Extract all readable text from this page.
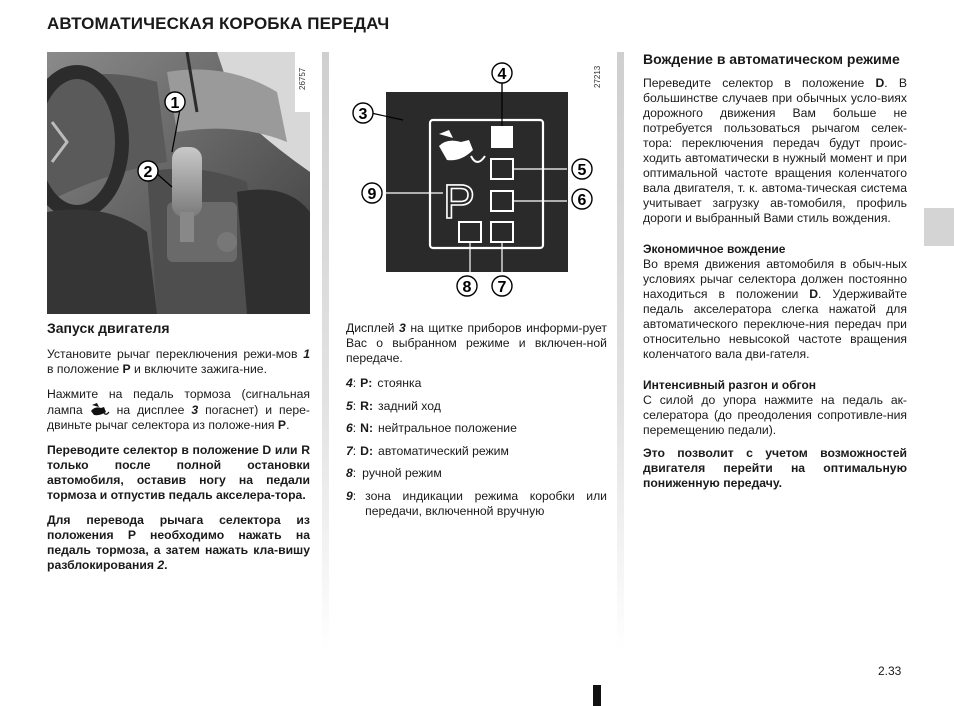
АВТОМАТИЧЕСКАЯ КОРОБКА ПЕРЕДАЧ
1
2
26757
P
3
4
5
6
7
8
9
27213
Запуск двигателя

Установите рычаг переключения режи-мов 1 в положение P и включите зажига-ние.

Нажмите на педаль тормоза (сигнальная лампа  на дисплее 3 погаснет) и пере-двиньте рычаг селектора из положе-ния P.

Переводите селектор в положение D или R только после полной остановки автомобиля, оставив ногу на педали тормоза и отпустив педаль акселера-тора.

Для перевода рычага селектора из положения P необходимо нажать на педаль тормоза, а затем нажать кла-вишу разблокирования 2.

Дисплей 3 на щитке приборов информи-рует Вас о выбранном режиме и включен-ной передаче.

4 : P: стоянка
5 : R: задний ход
6 : N: нейтральное положение
7 : D: автоматический режим
8 : ручной режим
9 : зона индикации режима коробки или передачи, включенной вручную
Вождение в автоматическом режиме

Переведите селектор в положение D. В большинстве случаев при обычных усло-виях дорожного движения Вам больше не потребуется пользоваться рычагом селек-тора: переключения передач будут проис-ходить автоматически в нужный момент и при оптимальной частоте вращения коленчатого вала двигателя, т. к. автома-тическая система учитывает загрузку ав-томобиля, профиль дороги и выбранный Вами стиль вождения.

Экономичное вождение

Во время движения автомобиля в обыч-ных условиях рычаг селектора должен постоянно находиться в положении D. Удерживайте педаль акселератора слегка нажатой для автоматического переключе-ния передач при относительно невысокой частоте вращения коленчатого вала дви-гателя.

Интенсивный разгон и обгон

С силой до упора нажмите на педаль ак-селератора (до преодоления сопротивле-ния перемещению педали).

Это позволит с учетом возможностей двигателя перейти на оптимальную пониженную передачу.

2.33
